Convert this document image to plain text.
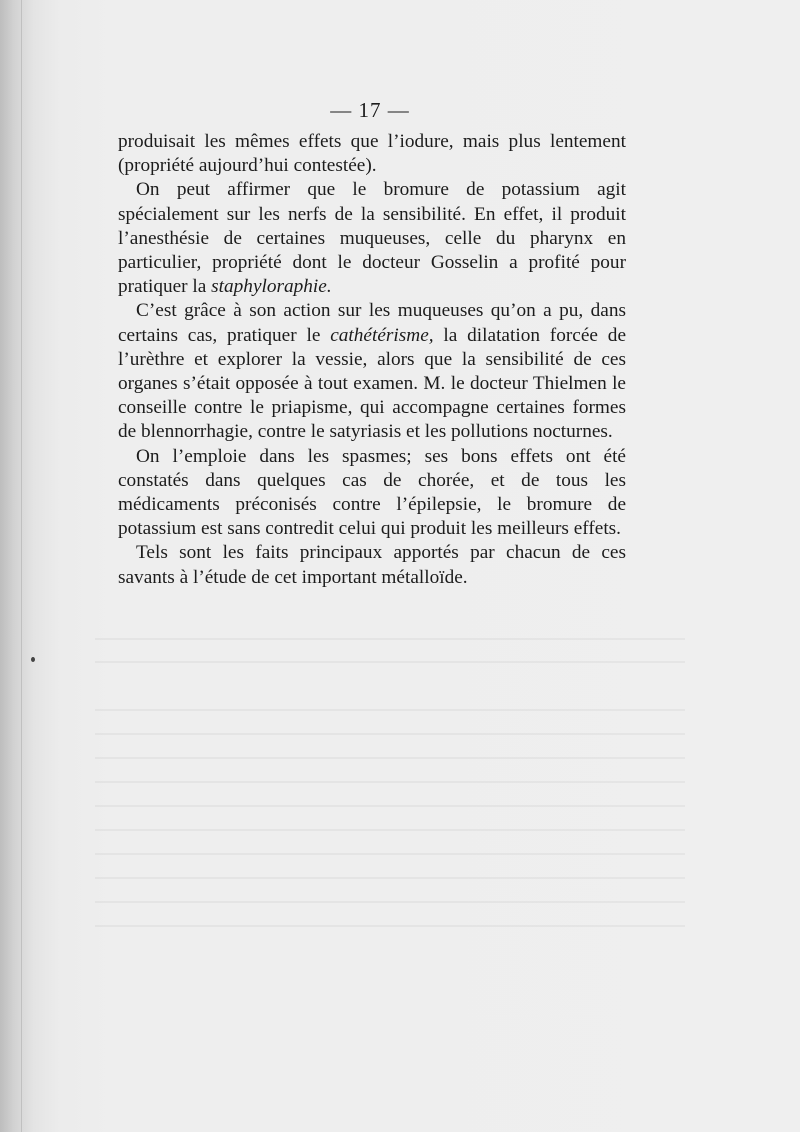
— 17 —

produisait les mêmes effets que l’iodure, mais plus lentement (propriété aujourd’hui contestée).

On peut affirmer que le bromure de potassium agit spécialement sur les nerfs de la sensibilité. En effet, il produit l’anesthésie de certaines muqueuses, celle du pharynx en particulier, propriété dont le docteur Gosselin a profité pour pratiquer la staphyloraphie.

C’est grâce à son action sur les muqueuses qu’on a pu, dans certains cas, pratiquer le cathétérisme, la dilatation forcée de l’urèthre et explorer la vessie, alors que la sensibilité de ces organes s’était opposée à tout examen. M. le docteur Thielmen le conseille contre le priapisme, qui accompagne certaines formes de blennorrhagie, contre le satyriasis et les pollutions nocturnes.

On l’emploie dans les spasmes; ses bons effets ont été constatés dans quelques cas de chorée, et de tous les médicaments préconisés contre l’épilepsie, le bromure de potassium est sans contredit celui qui produit les meilleurs effets.

Tels sont les faits principaux apportés par chacun de ces savants à l’étude de cet important métalloïde.
